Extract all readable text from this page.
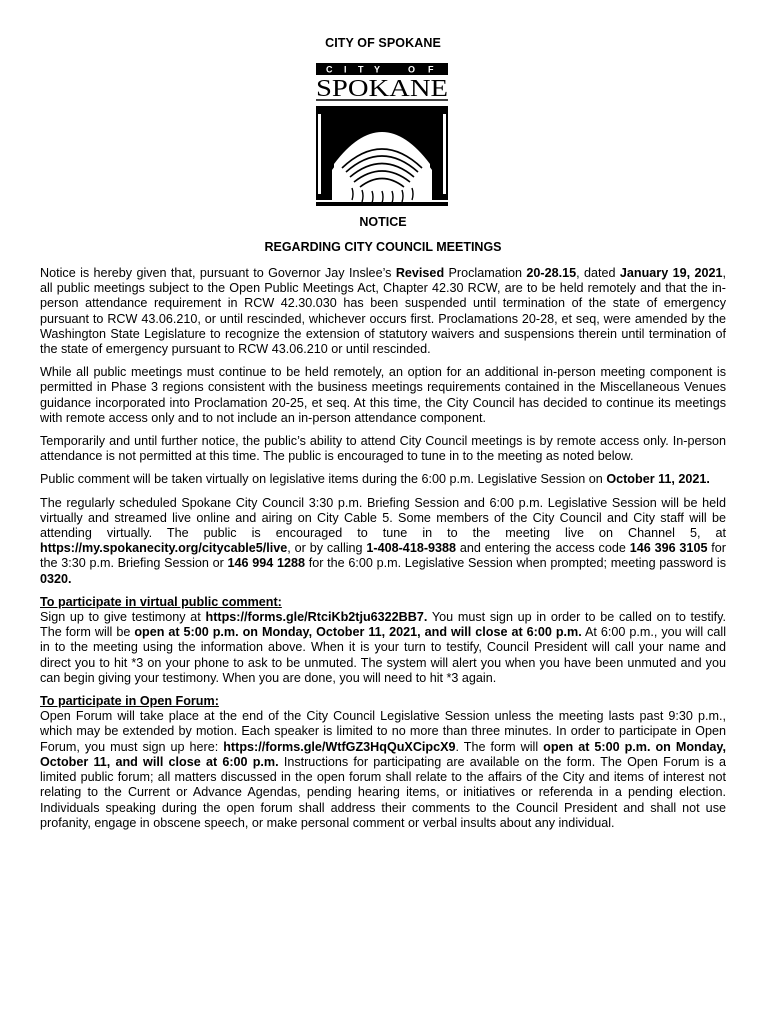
CITY OF SPOKANE
C I T Y	O F
SPOKANE
NOTICE
REGARDING CITY COUNCIL MEETINGS

Notice is hereby given that, pursuant to Governor Jay Inslee’s Revised Proclamation 20-28.15, dated January 19, 2021, all public meetings subject to the Open Public Meetings Act, Chapter 42.30 RCW, are to be held remotely and that the in-person attendance requirement in RCW 42.30.030 has been suspended until termination of the state of emergency pursuant to RCW 43.06.210, or until rescinded, whichever occurs first. Proclamations 20-28, et seq, were amended by the Washington State Legislature to recognize the extension of statutory waivers and suspensions therein until termination of the state of emergency pursuant to RCW 43.06.210 or until rescinded.

While all public meetings must continue to be held remotely, an option for an additional in-person meeting component is permitted in Phase 3 regions consistent with the business meetings requirements contained in the Miscellaneous Venues guidance incorporated into Proclamation 20-25, et seq. At this time, the City Council has decided to continue its meetings with remote access only and to not include an in-person attendance component.

Temporarily and until further notice, the public’s ability to attend City Council meetings is by remote access only. In-person attendance is not permitted at this time. The public is encouraged to tune in to the meeting as noted below.

Public comment will be taken virtually on legislative items during the 6:00 p.m. Legislative Session on October 11, 2021.

The regularly scheduled Spokane City Council 3:30 p.m. Briefing Session and 6:00 p.m. Legislative Session will be held virtually and streamed live online and airing on City Cable 5. Some members of the City Council and City staff will be attending virtually. The public is encouraged to tune in to the meeting live on Channel 5, at https://my.spokanecity.org/citycable5/live, or by calling 1-408-418-9388 and entering the access code 146 396 3105 for the 3:30 p.m. Briefing Session or 146 994 1288 for the 6:00 p.m. Legislative Session when prompted; meeting password is 0320.

To participate in virtual public comment:

Sign up to give testimony at https://forms.gle/RtciKb2tju6322BB7. You must sign up in order to be called on to testify. The form will be open at 5:00 p.m. on Monday, October 11, 2021, and will close at 6:00 p.m. At 6:00 p.m., you will call in to the meeting using the information above. When it is your turn to testify, Council President will call your name and direct you to hit *3 on your phone to ask to be unmuted. The system will alert you when you have been unmuted and you can begin giving your testimony. When you are done, you will need to hit *3 again.

To participate in Open Forum:

Open Forum will take place at the end of the City Council Legislative Session unless the meeting lasts past 9:30 p.m., which may be extended by motion. Each speaker is limited to no more than three minutes. In order to participate in Open Forum, you must sign up here: https://forms.gle/WtfGZ3HqQuXCipcX9. The form will open at 5:00 p.m. on Monday, October 11, and will close at 6:00 p.m. Instructions for participating are available on the form. The Open Forum is a limited public forum; all matters discussed in the open forum shall relate to the affairs of the City and items of interest not relating to the Current or Advance Agendas, pending hearing items, or initiatives or referenda in a pending election. Individuals speaking during the open forum shall address their comments to the Council President and shall not use profanity, engage in obscene speech, or make personal comment or verbal insults about any individual.
